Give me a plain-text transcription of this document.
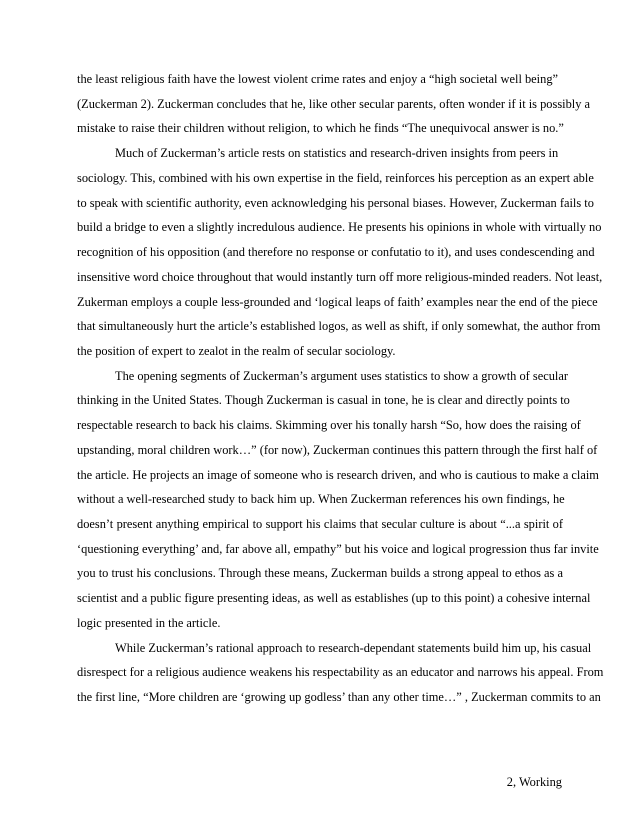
the least religious faith have the lowest violent crime rates and enjoy a “high societal well being”

(Zuckerman 2). Zuckerman concludes that he, like other secular parents, often wonder if it is possibly a

mistake to raise their children without religion, to which he finds “The unequivocal answer is no.”

Much of Zuckerman’s article rests on statistics and research-driven insights from peers in

sociology. This, combined with his own expertise in the field, reinforces his perception as an expert able

to speak with scientific authority, even acknowledging his personal biases. However, Zuckerman fails to

build a bridge to even a slightly incredulous audience. He presents his opinions in whole with virtually no

recognition of his opposition (and therefore no response or confutatio to it), and uses condescending and

insensitive word choice throughout that would instantly turn off more religious-minded readers. Not least,

Zukerman employs a couple less-grounded and ‘logical leaps of faith’ examples near the end of the piece

that simultaneously hurt the article’s established logos, as well as shift, if only somewhat, the author from

the position of expert to zealot in the realm of secular sociology.

The opening segments of Zuckerman’s argument uses statistics to show a growth of secular

thinking in the United States. Though Zuckerman is casual in tone, he is clear and directly points to

respectable research to back his claims. Skimming over his tonally harsh “So, how does the raising of

upstanding, moral children work…” (for now), Zuckerman continues this pattern through the first half of

the article. He projects an image of someone who is research driven, and who is cautious to make a claim

without a well-researched study to back him up. When Zuckerman references his own findings, he

doesn’t present anything empirical to support his claims that secular culture is about “...a spirit of

‘questioning everything’ and, far above all, empathy” but his voice and logical progression thus far invite

you to trust his conclusions. Through these means, Zuckerman builds a strong appeal to ethos as a

scientist and a public figure presenting ideas, as well as establishes (up to this point) a cohesive internal

logic presented in the article.

While Zuckerman’s rational approach to research-dependant statements build him up, his casual

disrespect for a religious audience weakens his respectability as an educator and narrows his appeal. From

the first line, “More children are ‘growing up godless’ than any other time…” , Zuckerman commits to an

2, Working
